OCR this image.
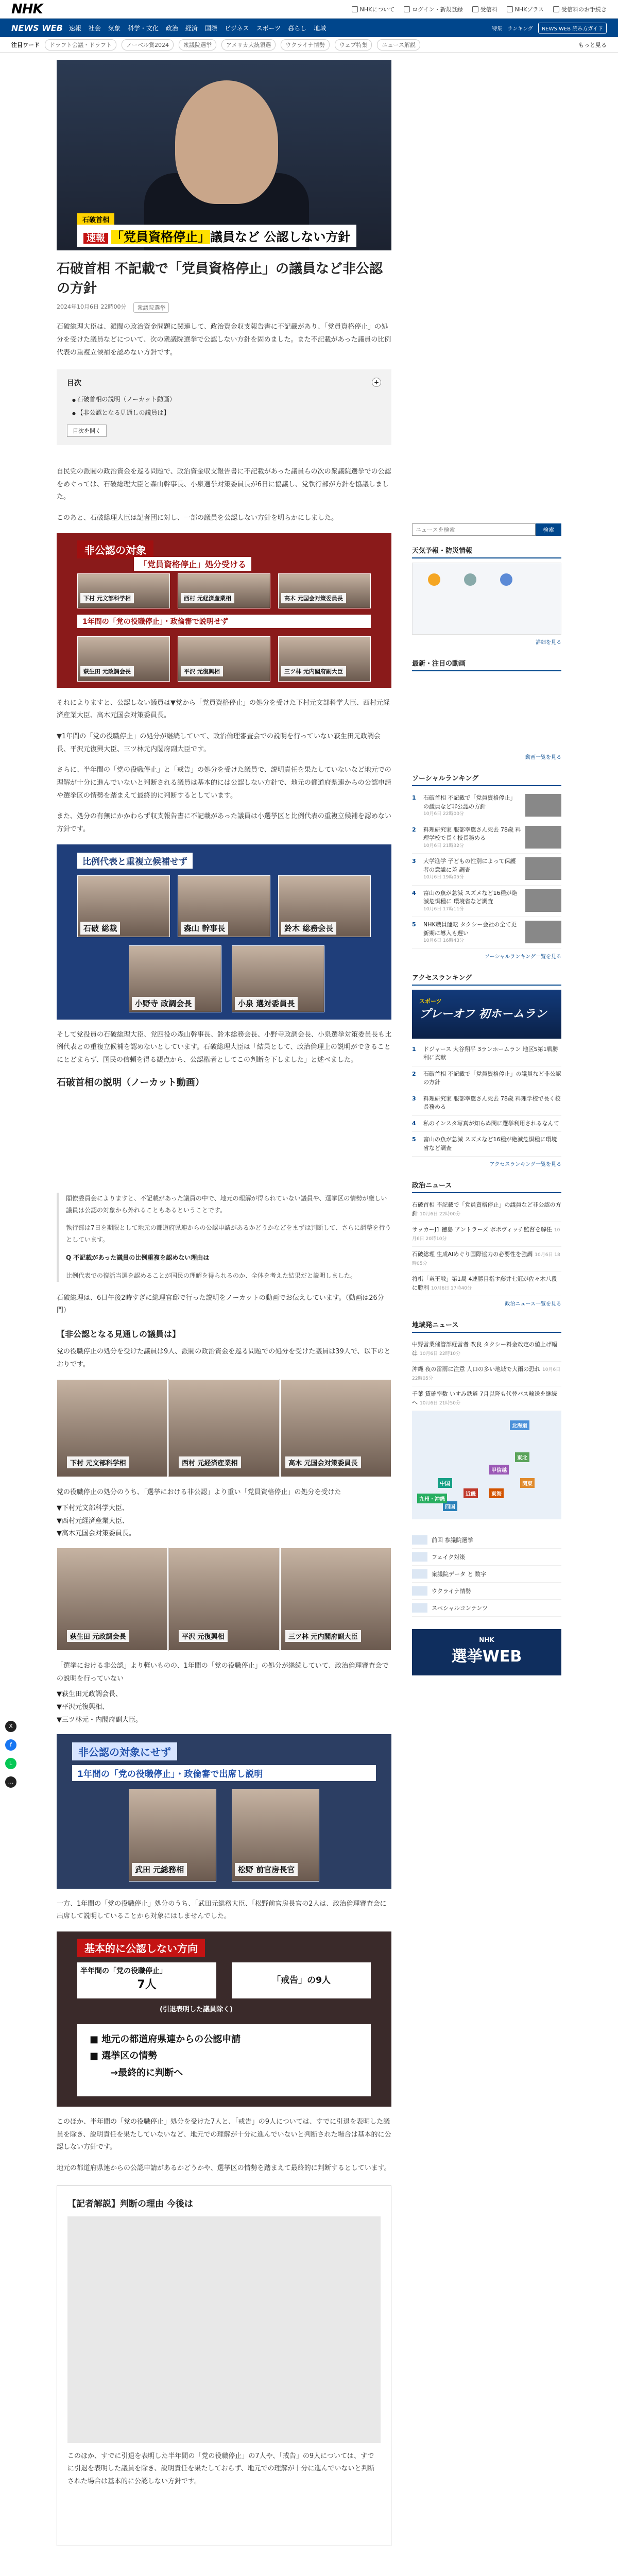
NHK	NHKについて	ログイン・新規登録	受信料	NHKプラス	受信料のお手続き
NEWS WEB 速報 社会 気象 科学・文化 政治 経済 国際 ビジネス スポーツ 暮らし 地域	特集 ランキング	NEWS WEB 読み方ガイド
注目ワード	ドラフト会議・ドラフト	ノーベル賞2024	衆議院選挙	アメリカ大統領選	ウクライナ情勢	ウェブ特集	ニュース解説	もっと見る
X
f
L
…
石破首相
速報 「党員資格停止」議員など 公認しない方針
石破首相 不記載で「党員資格停止」の議員など非公認の方針
2024年10月6日 22時00分	衆議院選挙

石破総理大臣は、派閥の政治資金問題に関連して、政治資金収支報告書に不記載があり、「党員資格停止」の処分を受けた議員などについて、次の衆議院選挙で公認しない方針を固めました。また不記載があった議員の比例代表の重複立候補を認めない方針です。

目次	+
● 石破首相の説明（ノーカット動画）
● 【非公認となる見通しの議員は】
目次を開く

自民党の派閥の政治資金を巡る問題で、政治資金収支報告書に不記載があった議員らの次の衆議院選挙での公認をめぐっては、石破総理大臣と森山幹事長、小泉選挙対策委員長が6日に協議し、党執行部が方針を協議しました。

このあと、石破総理大臣は記者団に対し、一部の議員を公認しない方針を明らかにしました。

非公認の対象
「党員資格停止」処分受ける
下村 元文部科学相	西村 元経済産業相	高木 元国会対策委員長
1年間の「党の役職停止」・政倫審で説明せず
萩生田 元政調会長	平沢 元復興相	三ツ林 元内閣府副大臣

それによりますと、公認しない議員は▼党から「党員資格停止」の処分を受けた下村元文部科学大臣、西村元経済産業大臣、高木元国会対策委員長。

▼1年間の「党の役職停止」の処分が継続していて、政治倫理審査会での説明を行っていない萩生田元政調会長、平沢元復興大臣、三ツ林元内閣府副大臣です。

さらに、半年間の「党の役職停止」と「戒告」の処分を受けた議員で、説明責任を果たしていないなど地元での理解が十分に進んでいないと判断される議員は基本的には公認しない方針で、地元の都道府県連からの公認申請や選挙区の情勢を踏まえて最終的に判断するとしています。

また、処分の有無にかかわらず収支報告書に不記載があった議員は小選挙区と比例代表の重複立候補を認めない方針です。

比例代表と重複立候補せず
石破 総裁	森山 幹事長	鈴木 総務会長
小野寺 政調会長	小泉 選対委員長

そして党役員の石破総理大臣、党四役の森山幹事長、鈴木総務会長、小野寺政調会長、小泉選挙対策委員長も比例代表との重複立候補を認めないとしています。石破総理大臣は「結果として、政治倫理上の説明ができることにとどまらず、国民の信頼を得る観点から、公認権者としてこの判断を下しました」と述べました。

石破首相の説明（ノーカット動画）

閣僚委員会によりますと、不記載があった議員の中で、地元の理解が得られていない議員や、選挙区の情勢が厳しい議員は公認の対象から外れることもあるということです。

執行部は7日を期限として地元の都道府県連からの公認申請があるかどうかなどをまずは判断して、さらに調整を行うとしています。

Q 不記載があった議員の比例重複を認めない理由は

比例代表での復活当選を認めることが国民の理解を得られるのか、全体を考えた結果だと説明しました。

石破総理は、6日午後2時すぎに総理官邸で行った説明をノーカットの動画でお伝えしています。（動画は26分間）

【非公認となる見通しの議員は】

党の役職停止の処分を受けた議員は9人、派閥の政治資金を巡る問題での処分を受けた議員は39人で、以下のとおりです。

下村 元文部科学相	西村 元経済産業相	高木 元国会対策委員長

党の役職停止の処分のうち、「選挙における非公認」より重い「党員資格停止」の処分を受けた

▼下村元文部科学大臣、
▼西村元経済産業大臣、
▼高木元国会対策委員長。
萩生田 元政調会長	平沢 元復興相	三ツ林 元内閣府副大臣

「選挙における非公認」より軽いものの、1年間の「党の役職停止」の処分が継続していて、政治倫理審査会での説明を行っていない

▼萩生田元政調会長、
▼平沢元復興相、
▼三ツ林元・内閣府副大臣。
非公認の対象にせず
1年間の「党の役職停止」・政倫審で出席し説明
武田 元総務相	松野 前官房長官

一方、1年間の「党の役職停止」処分のうち、「武田元総務大臣、「松野前官房長官の2人は、政治倫理審査会に出席して説明していることから対象にはしませんでした。

基本的に公認しない方向
半年間の「党の役職停止」
7人	「戒告」の9人
(引退表明した議員除く)
■ 地元の都道府県連からの公認申請
■ 選挙区の情勢
→最終的に判断へ

このほか、半年間の「党の役職停止」処分を受けた7人と、「戒告」の9人については、すでに引退を表明した議員を除き、説明責任を果たしていないなど、地元での理解が十分に進んでいないと判断された場合は基本的に公認しない方針です。

地元の都道府県連からの公認申請があるかどうかや、選挙区の情勢を踏まえて最終的に判断するとしています。

【記者解説】判断の理由 今後は

このほか、すでに引退を表明した半年間の「党の役職停止」の7人や、「戒告」の9人については、すでに引退を表明した議員を除き、説明責任を果たしておらず、地元での理解が十分に進んでいないと判断された場合は基本的に公認しない方針です。

ニュースを検索
検索
天気予報・防災情報
詳細を見る
最新・注目の動画
動画一覧を見る
ソーシャルランキング
1	石破首相 不記載で「党員資格停止」の議員など非公認の方針
10月6日 22時00分
2	料理研究家 服部幸應さん死去 78歳 料理学校で長く校長務める
10月6日 21時32分
3	大学進学 子どもの性別によって保護者の意識に差 調査
10月6日 19時05分
4	富山の魚が急減 スズメなど16種が絶滅危惧種に 環境省など調査
10月6日 17時11分
5	NHK職員運転 タクシー会社の全て更新期に導入も遅い
10月6日 16時43分
ソーシャルランキング一覧を見る
アクセスランキング
スポーツ
プレーオフ 初ホームラン
1	ドジャース 大谷翔平 3ランホームラン 地区S第1戦勝利に貢献
2	石破首相 不記載で「党員資格停止」の議員など非公認の方針
3	料理研究家 服部幸應さん死去 78歳 料理学校で長く校長務める
4	私のインスタ写真が知らぬ間に選挙利用されるなんて
5	富山の魚が急減 スズメなど16種が絶滅危惧種に環境省など調査
アクセスランキング一覧を見る
政治ニュース
石破首相 不記載で「党員資格停止」の議員など非公認の方針 10月6日 22時00分
サッカーJ1 徳島 アントラーズ ポポヴィッチ監督を解任 10月6日 20時10分
石破総理 生成AIめぐり国際協力の必要性を強調 10月6日 18時05分
将棋「竜王戦」第1局 4連勝目指す藤井七冠が佐々木八段に勝利 10月6日 17時40分
政治ニュース一覧を見る
地域発ニュース
中野営業催管部経営者 改良 タクシー料金改定の値上げ幅は 10月6日 22時10分
沖縄 夜の雷雨に注意 人口の多い地域で大雨の恐れ 10月6日 22時05分
千葉 賃確率数 いすみ鉄道 7月以降も代替バス輸送を継続へ 10月6日 21時50分
北海道
東北
関東
甲信越
東海
近畿
中国
四国
九州・沖縄
前回 参議院選挙
フェイク対策
衆議院データ と 数字
ウクライナ情勢
スペシャルコンテンツ
NHK
選挙WEB
